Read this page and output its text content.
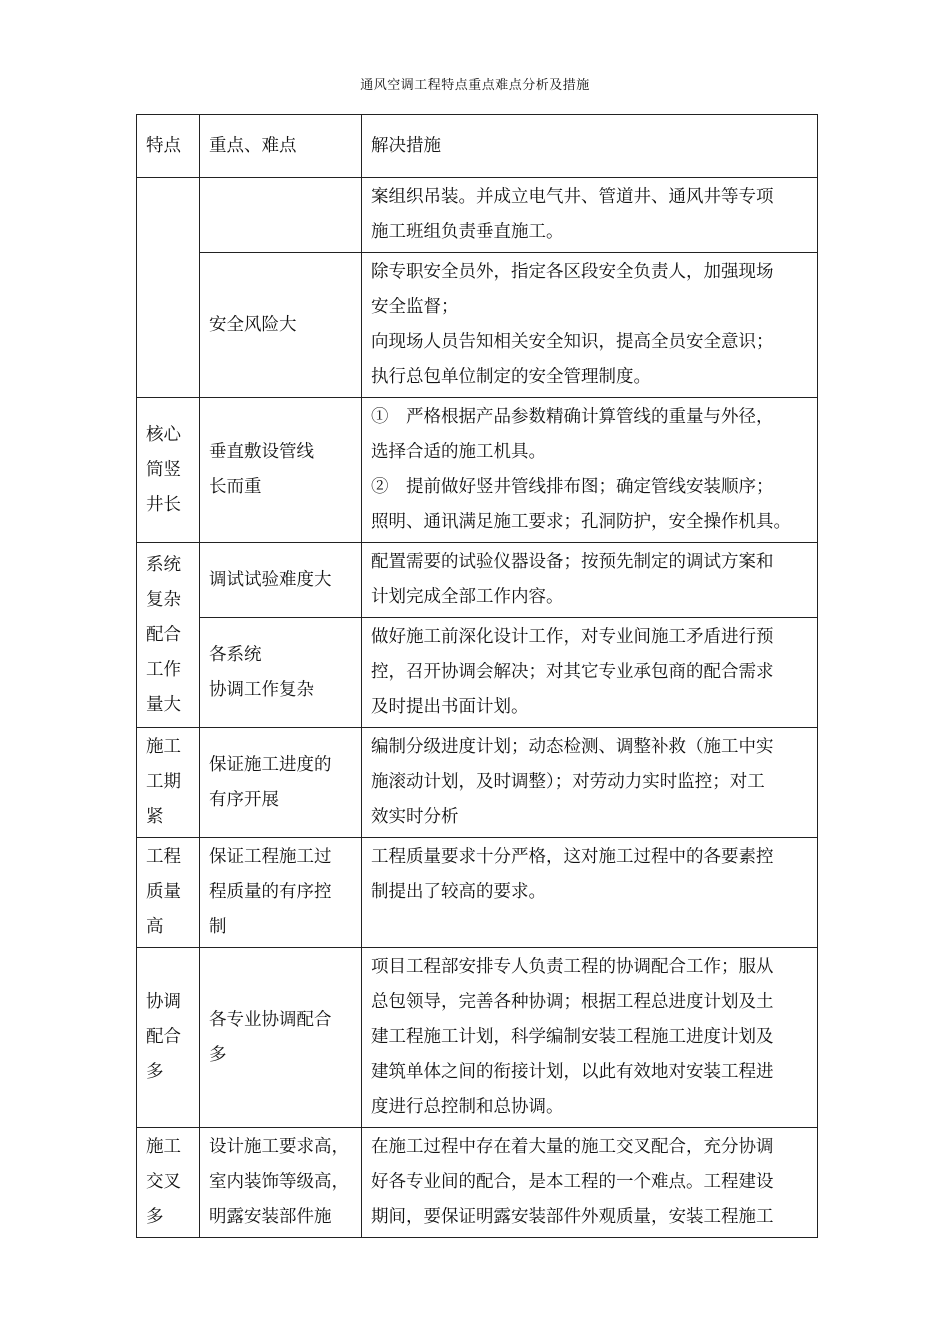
通风空调工程特点重点难点分析及措施
特点	重点、难点	解决措施

		案组织吊装。并成立电气井、管道井、通风井等专项
施工班组负责垂直施工。

	安全风险大	除专职安全员外，指定各区段安全负责人，加强现场
安全监督；
向现场人员告知相关安全知识，提高全员安全意识；
执行总包单位制定的安全管理制度。

核心
筒竖
井长	垂直敷设管线
长而重	①　严格根据产品参数精确计算管线的重量与外径，
选择合适的施工机具。
②　提前做好竖井管线排布图；确定管线安装顺序；
照明、通讯满足施工要求；孔洞防护，安全操作机具。

系统
复杂
配合
工作
量大	调试试验难度大	配置需要的试验仪器设备；按预先制定的调试方案和
计划完成全部工作内容。

	各系统
协调工作复杂	做好施工前深化设计工作，对专业间施工矛盾进行预
控，召开协调会解决；对其它专业承包商的配合需求
及时提出书面计划。

施工
工期
紧	保证施工进度的
有序开展	编制分级进度计划；动态检测、调整补救（施工中实
施滚动计划，及时调整）；对劳动力实时监控；对工
效实时分析

工程
质量
高	保证工程施工过
程质量的有序控
制	工程质量要求十分严格，这对施工过程中的各要素控
制提出了较高的要求。

协调
配合
多	各专业协调配合
多	项目工程部安排专人负责工程的协调配合工作；服从
总包领导，完善各种协调；根据工程总进度计划及土
建工程施工计划，科学编制安装工程施工进度计划及
建筑单体之间的衔接计划，以此有效地对安装工程进
度进行总控制和总协调。

施工
交叉
多	设计施工要求高，
室内装饰等级高，
明露安装部件施	在施工过程中存在着大量的施工交叉配合，充分协调
好各专业间的配合，是本工程的一个难点。工程建设
期间，要保证明露安装部件外观质量，安装工程施工
